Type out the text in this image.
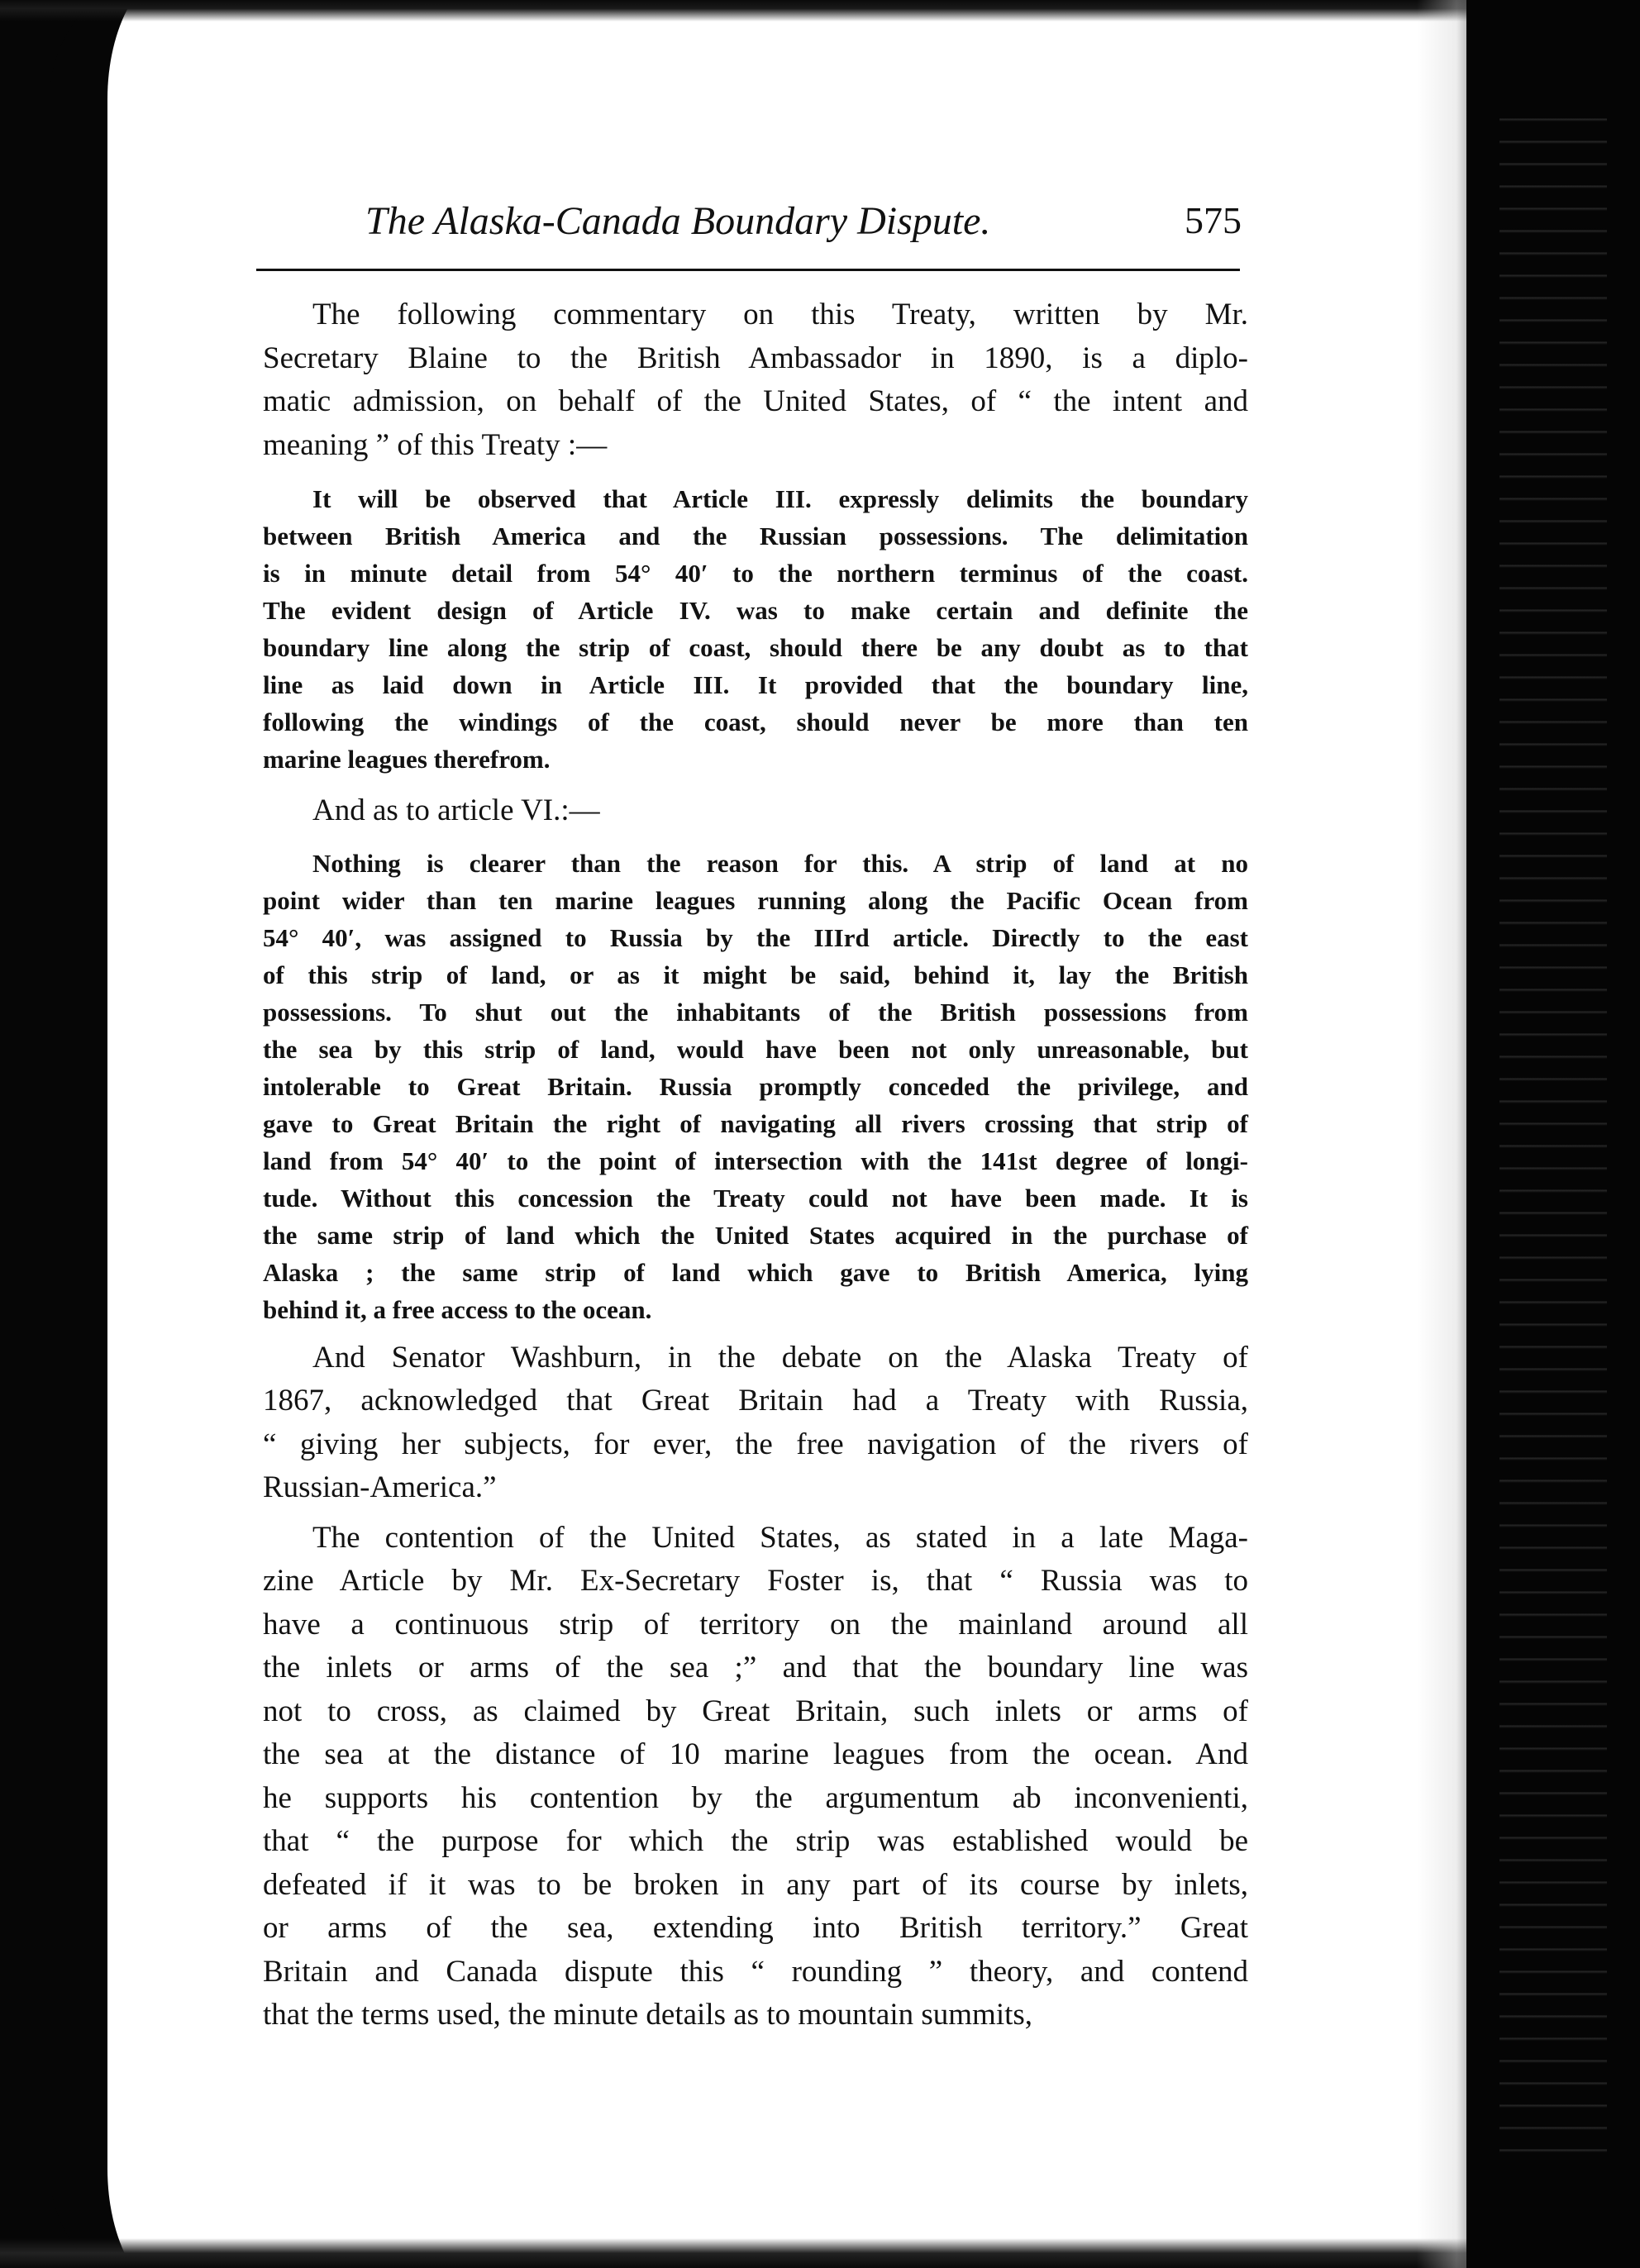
The Alaska-Canada Boundary Dispute.	575
The following commentary on this Treaty, written by Mr.
Secretary Blaine to the British Ambassador in 1890, is a diplo-
matic admission, on behalf of the United States, of “ the intent and
meaning ” of this Treaty :—
It will be observed that Article III. expressly delimits the boundary
between British America and the Russian possessions. The delimitation
is in minute detail from 54° 40′ to the northern terminus of the coast.
The evident design of Article IV. was to make certain and definite the
boundary line along the strip of coast, should there be any doubt as to that
line as laid down in Article III. It provided that the boundary line,
following the windings of the coast, should never be more than ten
marine leagues therefrom.
And as to article VI.:—
Nothing is clearer than the reason for this. A strip of land at no
point wider than ten marine leagues running along the Pacific Ocean from
54° 40′, was assigned to Russia by the IIIrd article. Directly to the east
of this strip of land, or as it might be said, behind it, lay the British
possessions. To shut out the inhabitants of the British possessions from
the sea by this strip of land, would have been not only unreasonable, but
intolerable to Great Britain. Russia promptly conceded the privilege, and
gave to Great Britain the right of navigating all rivers crossing that strip of
land from 54° 40′ to the point of intersection with the 141st degree of longi-
tude. Without this concession the Treaty could not have been made. It is
the same strip of land which the United States acquired in the purchase of
Alaska ; the same strip of land which gave to British America, lying
behind it, a free access to the ocean.
And Senator Washburn, in the debate on the Alaska Treaty of
1867, acknowledged that Great Britain had a Treaty with Russia,
“ giving her subjects, for ever, the free navigation of the rivers of
Russian-America.”
The contention of the United States, as stated in a late Maga-
zine Article by Mr. Ex-Secretary Foster is, that “ Russia was to
have a continuous strip of territory on the mainland around all
the inlets or arms of the sea ;” and that the boundary line was
not to cross, as claimed by Great Britain, such inlets or arms of
the sea at the distance of 10 marine leagues from the ocean. And
he supports his contention by the argumentum ab inconvenienti,
that “ the purpose for which the strip was established would be
defeated if it was to be broken in any part of its course by inlets,
or arms of the sea, extending into British territory.” Great
Britain and Canada dispute this “ rounding ” theory, and contend
that the terms used, the minute details as to mountain summits,
